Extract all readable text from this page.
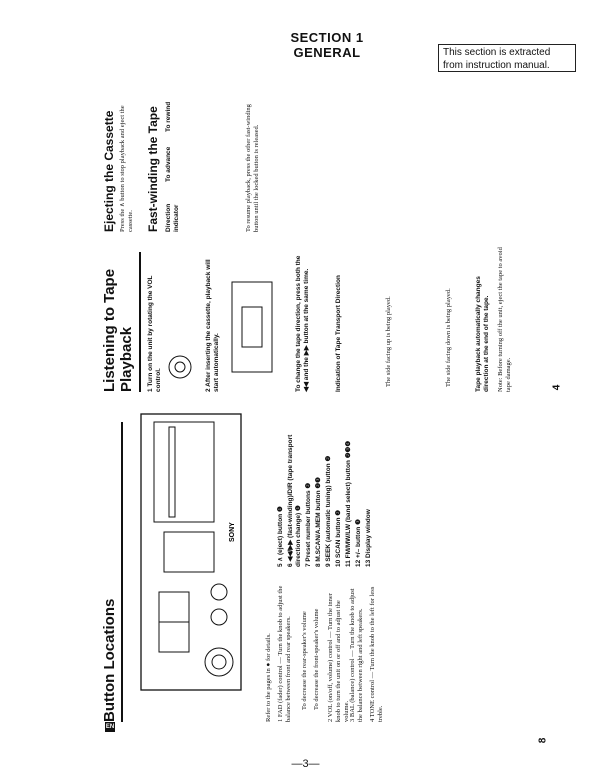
SECTION 1
GENERAL	This section is extracted from instruction manual.
Button Locations
EN
SONY
Refer to the pages in ● for details. 1 FAD (fader) control — Turn the knob to adjust the balance between front and rear speakers. To decrease the rear-speaker's volume To decrease the front-speaker's volume 2 VOL (on/off, volume) control — Turn the inner knob to turn the unit on or off and to adjust the volume. 3 BAL (balance) control — Turn the knob to adjust the balance between right and left speakers. 4 TONE control — Turn the knob to the left for less treble.
5 ∧ (eject) button ❶ 6 ◀◀/▶▶ (fast-winding)/DIR (tape transport direction change) ❶ 7 Preset number buttons ❷ 8 M.SCAN/A.MEM button ❷❸ 9 SEEK (automatic tuning) button ❷ 10 SCAN button ❷ 11 FM/MW/LW (band select) button ❷❸❹ 12 +/– button ❸ 13 Display window
Listening to Tape Playback 1 Turn on the unit by rotating the VOL control.	2 After inserting the cassette, playback will start automatically.	To change the tape direction, press both the ◀◀ and the ▶▶ button at the same time.	Indication of Tape Transport Direction	The side facing up is being played.	The side facing down is being played.	Tape playback automatically changes direction at the end of the tape. Note: Before turning off the unit, eject the tape to avoid tape damage.
Ejecting the Cassette Press the ∧ button to stop playback and eject the cassette. Fast-winding the Tape Direction indicator
To advance
To rewind	To resume playback, press the other fast-winding button until the locked button is released.
4
8
—3—
